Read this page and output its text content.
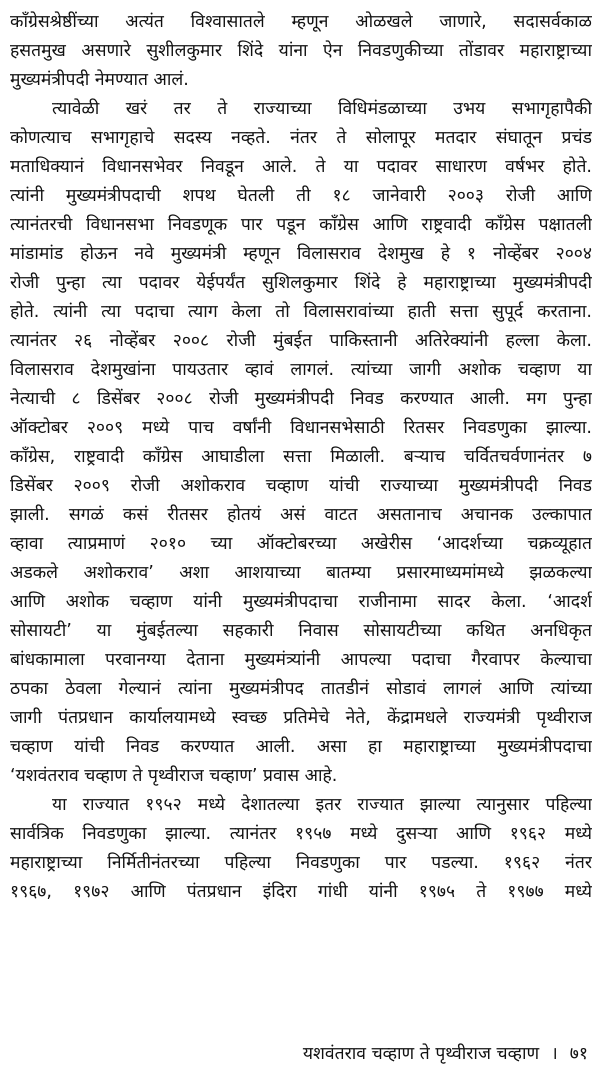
काँग्रेसश्रेष्ठींच्या अत्यंत विश्वासातले म्हणून ओळखले जाणारे, सदासर्वकाळ
हसतमुख असणारे सुशीलकुमार शिंदे यांना ऐन निवडणुकीच्या तोंडावर महाराष्ट्राच्या
मुख्यमंत्रीपदी नेमण्यात आलं.
त्यावेळी खरं तर ते राज्याच्या विधिमंडळाच्या उभय सभागृहापैकी
कोणत्याच सभागृहाचे सदस्य नव्हते. नंतर ते सोलापूर मतदार संघातून प्रचंड
मताधिक्यानं विधानसभेवर निवडून आले. ते या पदावर साधारण वर्षभर होते.
त्यांनी मुख्यमंत्रीपदाची शपथ घेतली ती १८ जानेवारी २००३ रोजी आणि
त्यानंतरची विधानसभा निवडणूक पार पडून काँग्रेस आणि राष्ट्रवादी काँग्रेस पक्षातली
मांडामांड होऊन नवे मुख्यमंत्री म्हणून विलासराव देशमुख हे १ नोव्हेंबर २००४
रोजी पुन्हा त्या पदावर येईपर्यंत सुशिलकुमार शिंदे हे महाराष्ट्राच्या मुख्यमंत्रीपदी
होते. त्यांनी त्या पदाचा त्याग केला तो विलासरावांच्या हाती सत्ता सुपूर्द करताना.
त्यानंतर २६ नोव्हेंबर २००८ रोजी मुंबईत पाकिस्तानी अतिरेक्यांनी हल्ला केला.
विलासराव देशमुखांना पायउतार व्हावं लागलं. त्यांच्या जागी अशोक चव्हाण या
नेत्याची ८ डिसेंबर २००८ रोजी मुख्यमंत्रीपदी निवड करण्यात आली. मग पुन्हा
ऑक्टोबर २००९ मध्ये पाच वर्षांनी विधानसभेसाठी रितसर निवडणुका झाल्या.
काँग्रेस, राष्ट्रवादी काँग्रेस आघाडीला सत्ता मिळाली. बऱ्याच चर्वितचर्वणानंतर ७
डिसेंबर २००९ रोजी अशोकराव चव्हाण यांची राज्याच्या मुख्यमंत्रीपदी निवड
झाली. सगळं कसं रीतसर होतयं असं वाटत असतानाच अचानक उल्कापात
व्हावा त्याप्रमाणं २०१० च्या ऑक्टोबरच्या अखेरीस ‘आदर्शच्या चक्रव्यूहात
अडकले अशोकराव’ अशा आशयाच्या बातम्या प्रसारमाध्यमांमध्ये झळकल्या
आणि अशोक चव्हाण यांनी मुख्यमंत्रीपदाचा राजीनामा सादर केला. ‘आदर्श
सोसायटी’ या मुंबईतल्या सहकारी निवास सोसायटीच्या कथित अनधिकृत
बांधकामाला परवानग्या देताना मुख्यमंत्र्यांनी आपल्या पदाचा गैरवापर केल्याचा
ठपका ठेवला गेल्यानं त्यांना मुख्यमंत्रीपद तातडीनं सोडावं लागलं आणि त्यांच्या
जागी पंतप्रधान कार्यालयामध्ये स्वच्छ प्रतिमेचे नेते, केंद्रामधले राज्यमंत्री पृथ्वीराज
चव्हाण यांची निवड करण्यात आली. असा हा महाराष्ट्राच्या मुख्यमंत्रीपदाचा
‘यशवंतराव चव्हाण ते पृथ्वीराज चव्हाण’ प्रवास आहे.
या राज्यात १९५२ मध्ये देशातल्या इतर राज्यात झाल्या त्यानुसार पहिल्या
सार्वत्रिक निवडणुका झाल्या. त्यानंतर १९५७ मध्ये दुसऱ्या आणि १९६२ मध्ये
महाराष्ट्राच्या निर्मितीनंतरच्या पहिल्या निवडणुका पार पडल्या. १९६२ नंतर
१९६७, १९७२ आणि पंतप्रधान इंदिरा गांधी यांनी १९७५ ते १९७७ मध्ये
यशवंतराव चव्हाण ते पृथ्वीराज चव्हाण । ७१
